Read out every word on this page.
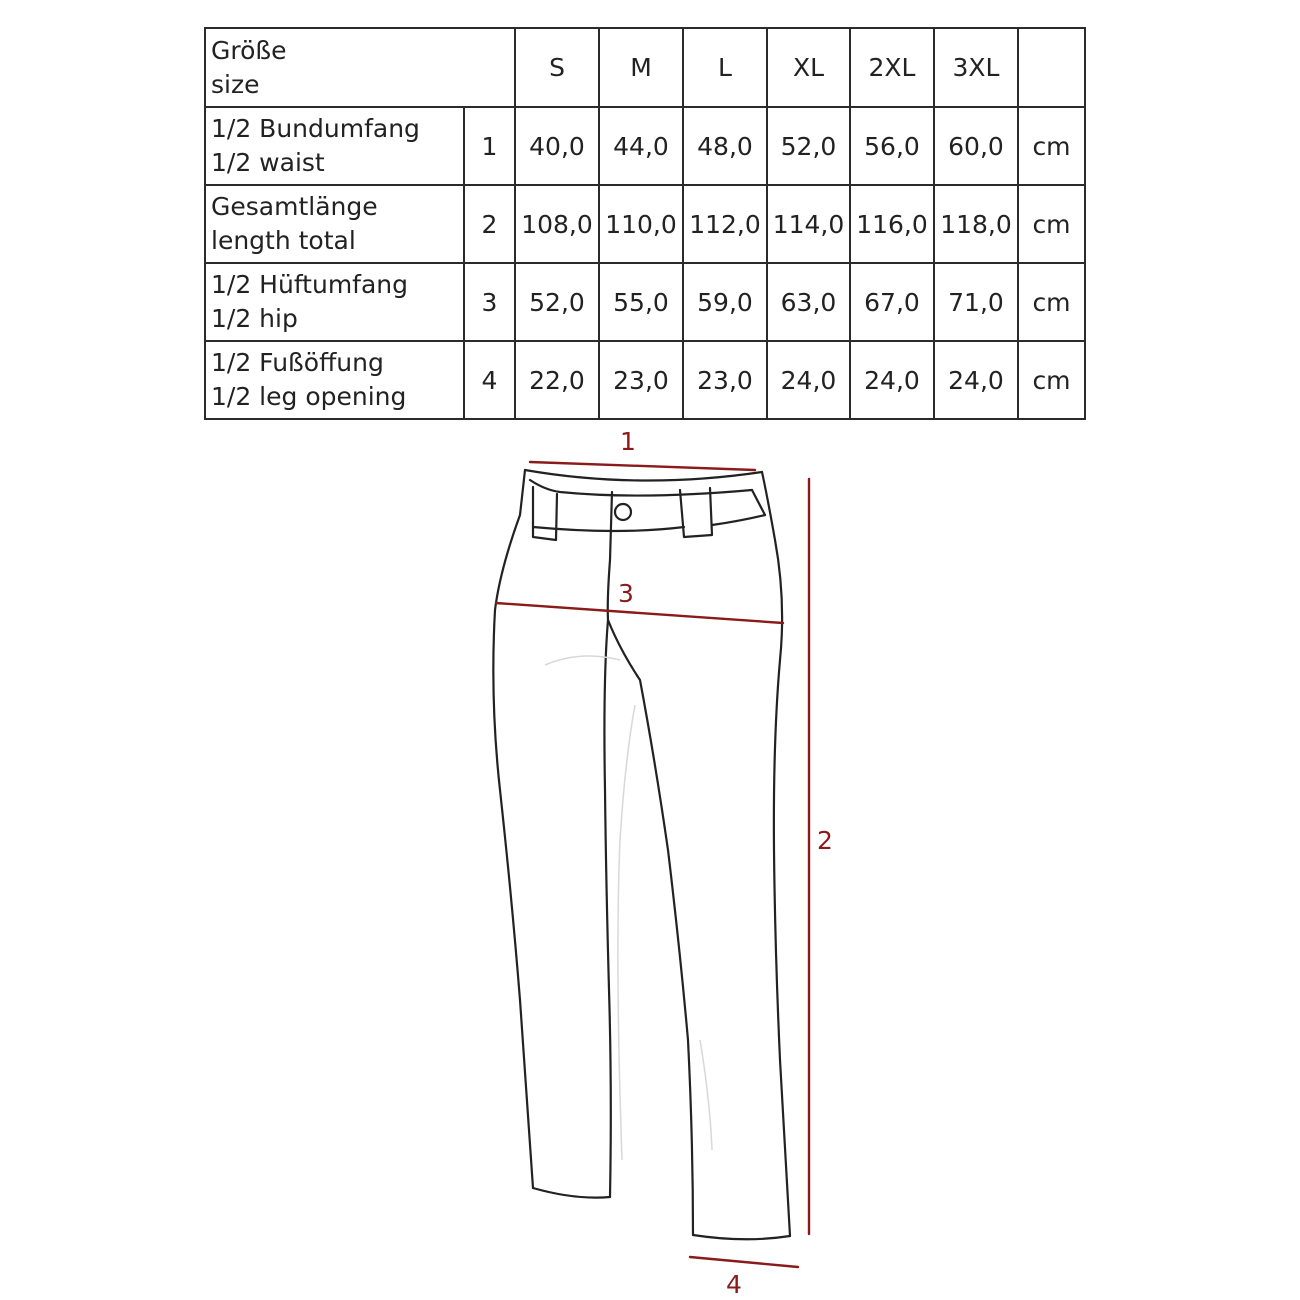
Größe
size		S	M	L	XL	2XL	3XL	

1/2 Bundumfang
1/2 waist	1	40,0	44,0	48,0	52,0	56,0	60,0	cm

Gesamtlänge
length total	2	108,0	110,0	112,0	114,0	116,0	118,0	cm

1/2 Hüftumfang
1/2 hip	3	52,0	55,0	59,0	63,0	67,0	71,0	cm

1/2 Fußöffung
1/2 leg opening	4	22,0	23,0	23,0	24,0	24,0	24,0	cm
1
3
2
4
